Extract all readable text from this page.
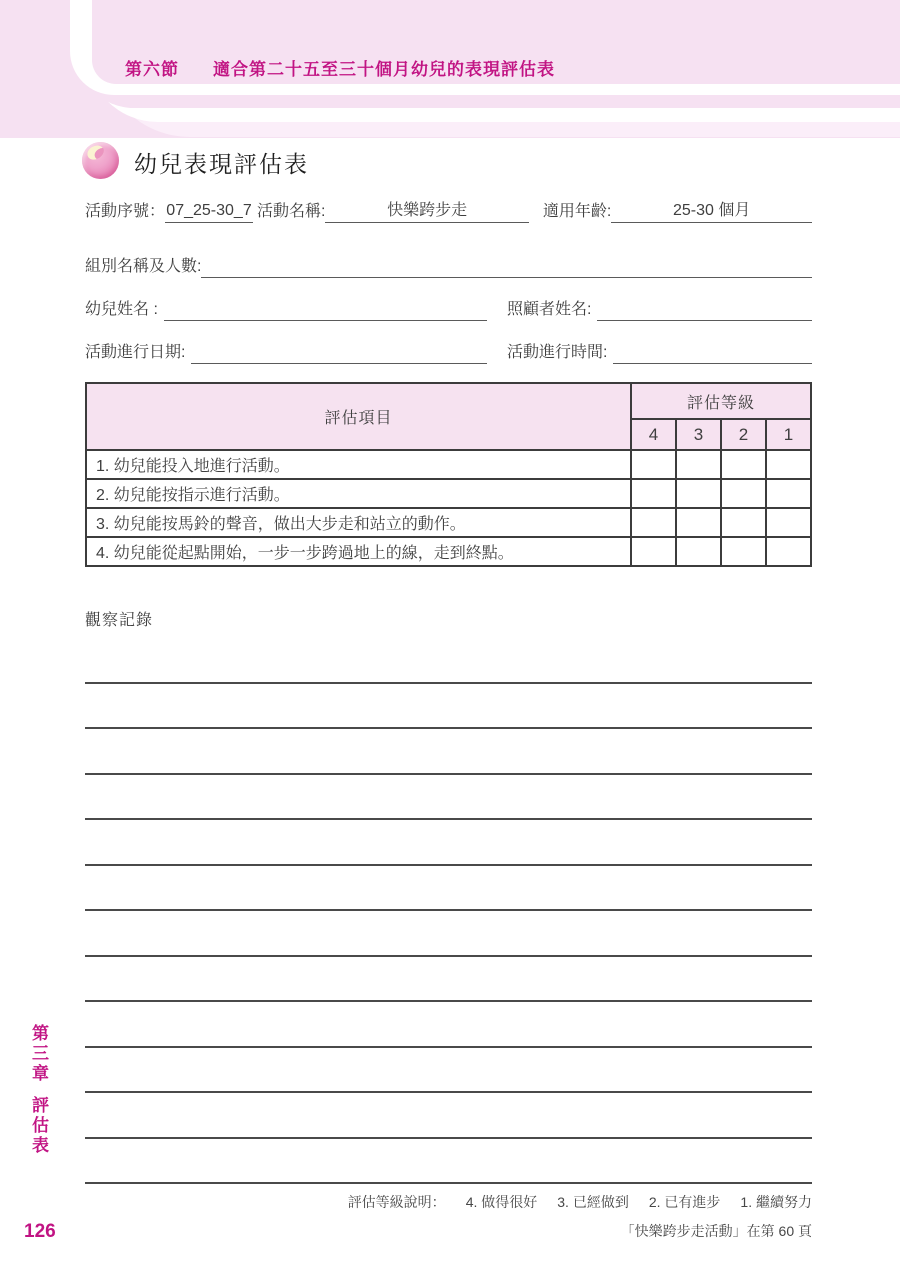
第六節 適合第二十五至三十個月幼兒的表現評估表
幼兒表現評估表
活動序號： 07_25-30_7 活動名稱:	快樂跨步走	適用年齡:	25-30 個月
組別名稱及人數:
幼兒姓名 :	照顧者姓名:
活動進行日期:	活動進行時間:
評估項目	評估等級			
	4	3	2	1
1. 幼兒能投入地進行活動。				
2. 幼兒能按指示進行活動。				
3. 幼兒能按馬鈴的聲音，做出大步走和站立的動作。				
4. 幼兒能從起點開始，一步一步跨過地上的線，走到終點。				
觀察記錄
評估等級說明： 4. 做得很好 3. 已經做到 2. 已有進步 1. 繼續努力
「快樂跨步走活動」在第 60 頁
第三章評估表
126
